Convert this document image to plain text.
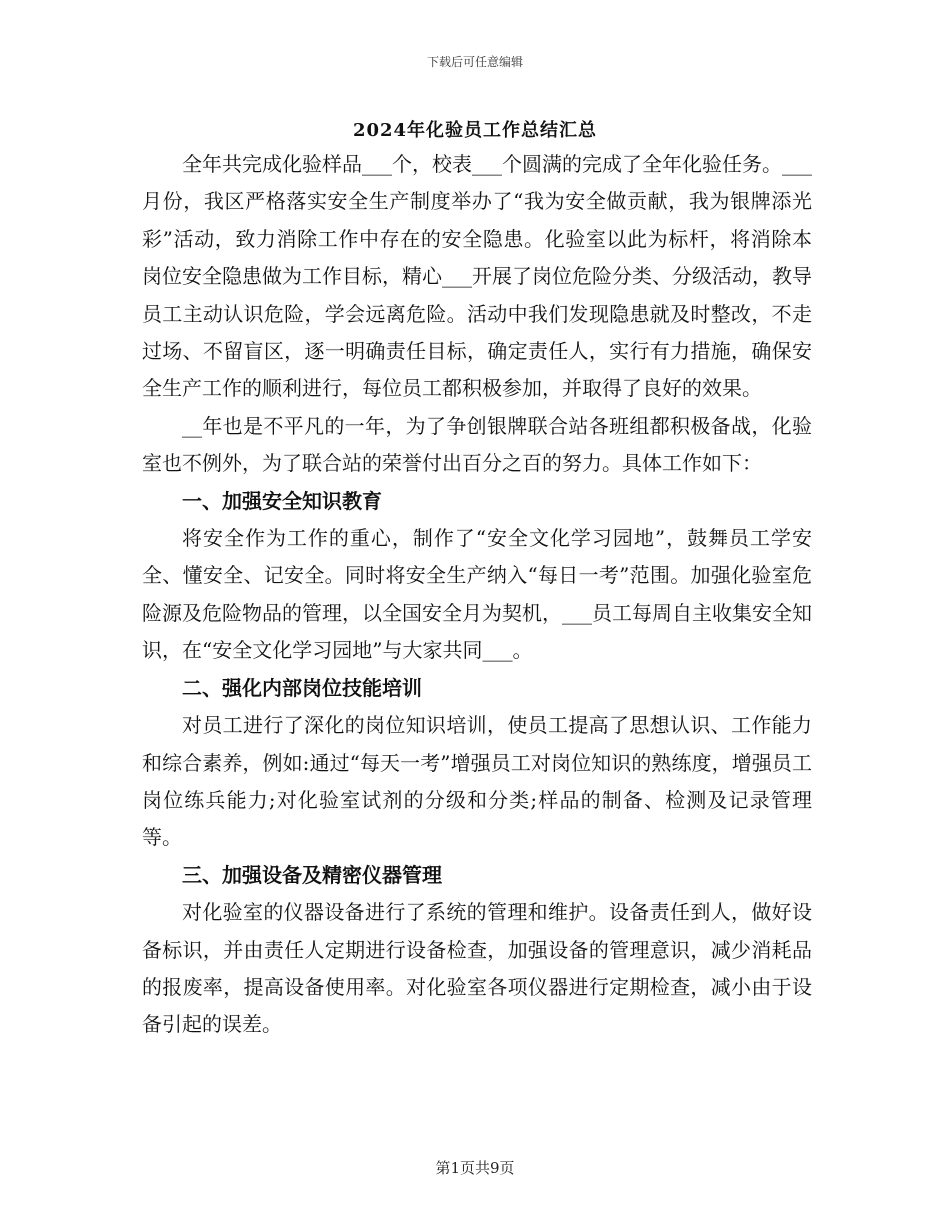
下载后可任意编辑
2024年化验员工作总结汇总

全年共完成化验样品___个，校表___个圆满的完成了全年化验任务。___月份，我区严格落实安全生产制度举办了“我为安全做贡献，我为银牌添光彩”活动，致力消除工作中存在的安全隐患。化验室以此为标杆，将消除本岗位安全隐患做为工作目标，精心___开展了岗位危险分类、分级活动，教导员工主动认识危险，学会远离危险。活动中我们发现隐患就及时整改，不走过场、不留盲区，逐一明确责任目标，确定责任人，实行有力措施，确保安全生产工作的顺利进行，每位员工都积极参加，并取得了良好的效果。

__年也是不平凡的一年，为了争创银牌联合站各班组都积极备战，化验室也不例外，为了联合站的荣誉付出百分之百的努力。具体工作如下：

一、加强安全知识教育

将安全作为工作的重心，制作了“安全文化学习园地”，鼓舞员工学安全、懂安全、记安全。同时将安全生产纳入“每日一考”范围。加强化验室危险源及危险物品的管理，以全国安全月为契机，___员工每周自主收集安全知识，在“安全文化学习园地”与大家共同___。

二、强化内部岗位技能培训

对员工进行了深化的岗位知识培训，使员工提高了思想认识、工作能力和综合素养，例如:通过“每天一考”增强员工对岗位知识的熟练度，增强员工岗位练兵能力;对化验室试剂的分级和分类;样品的制备、检测及记录管理等。

三、加强设备及精密仪器管理

对化验室的仪器设备进行了系统的管理和维护。设备责任到人，做好设备标识，并由责任人定期进行设备检查，加强设备的管理意识，减少消耗品的报废率，提高设备使用率。对化验室各项仪器进行定期检查，减小由于设备引起的误差。

第1页共9页
